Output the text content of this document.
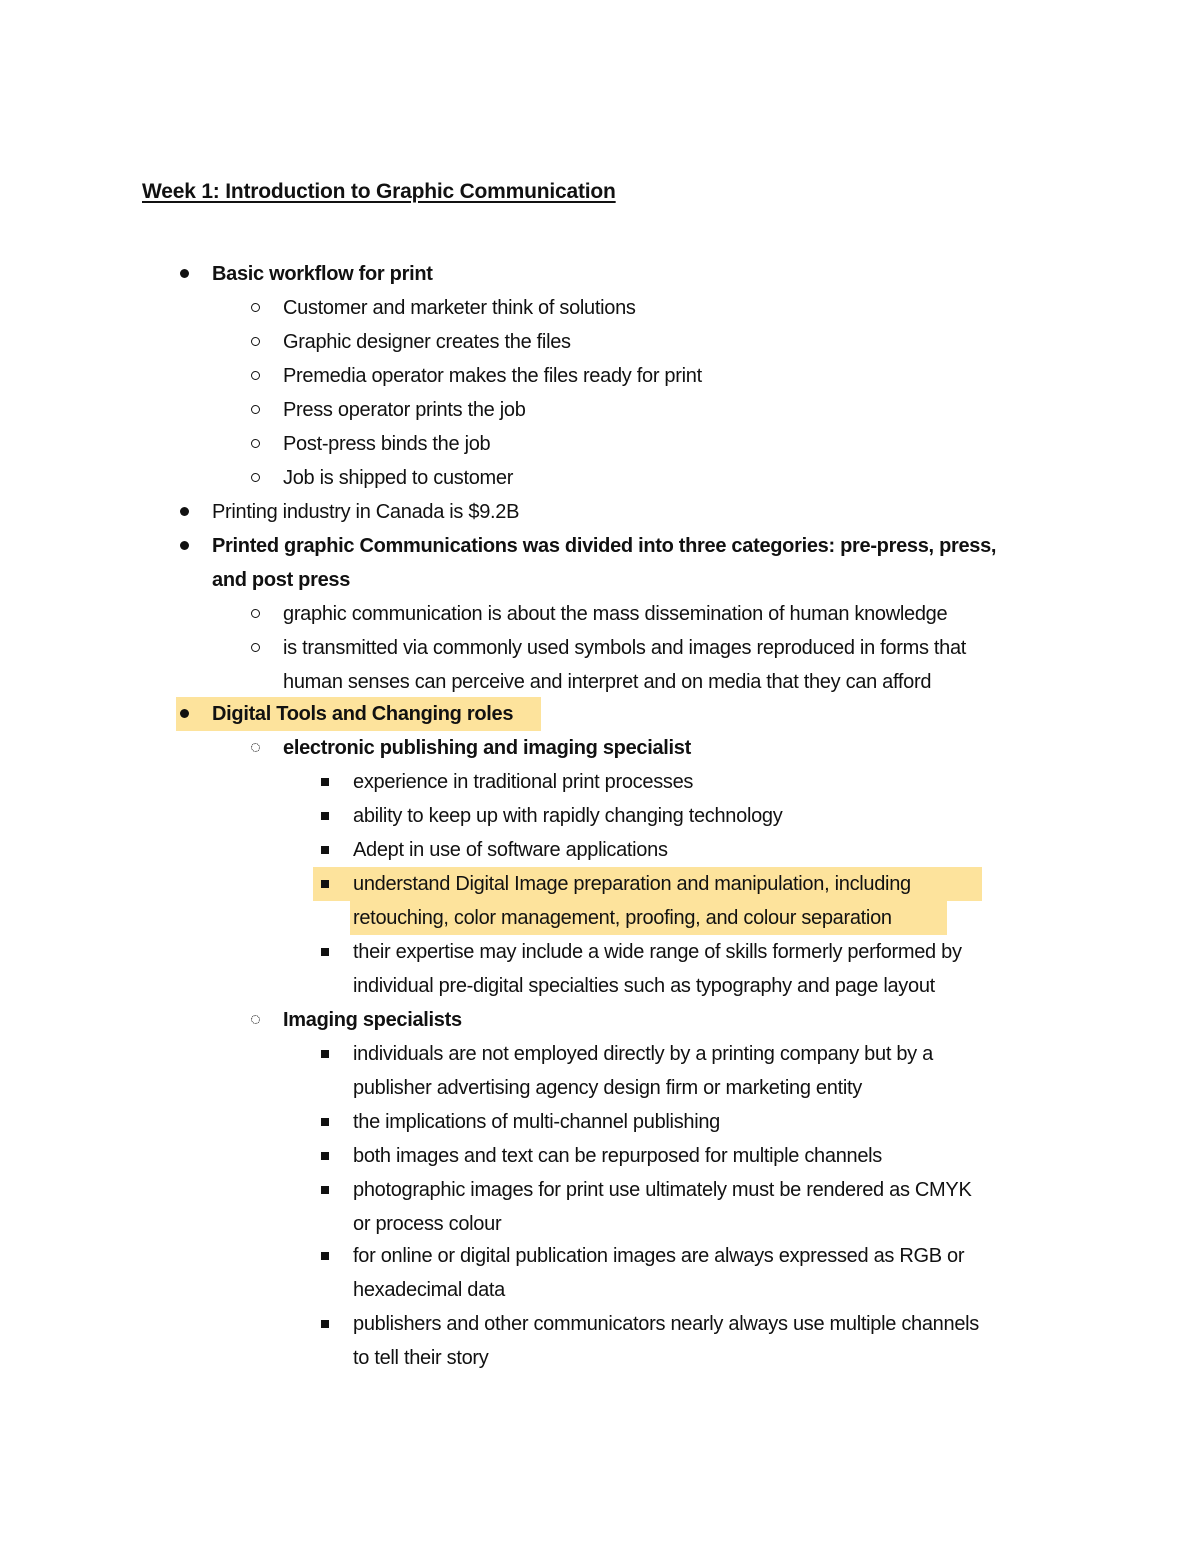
Week 1: Introduction to Graphic Communication
Basic workflow for print
Customer and marketer think of solutions
Graphic designer creates the files
Premedia operator makes the files ready for print
Press operator prints the job
Post-press binds the job
Job is shipped to customer
Printing industry in Canada is $9.2B
Printed graphic Communications was divided into three categories: pre-press, press,
and post press
graphic communication is about the mass dissemination of human knowledge
is transmitted via commonly used symbols and images reproduced in forms that
human senses can perceive and interpret and on media that they can afford
Digital Tools and Changing roles
electronic publishing and imaging specialist
experience in traditional print processes
ability to keep up with rapidly changing technology
Adept in use of software applications
understand Digital Image preparation and manipulation, including
retouching, color management, proofing, and colour separation
their expertise may include a wide range of skills formerly performed by
individual pre-digital specialties such as typography and page layout
Imaging specialists
individuals are not employed directly by a printing company but by a
publisher advertising agency design firm or marketing entity
the implications of multi-channel publishing
both images and text can be repurposed for multiple channels
photographic images for print use ultimately must be rendered as CMYK
or process colour
for online or digital publication images are always expressed as RGB or
hexadecimal data
publishers and other communicators nearly always use multiple channels
to tell their story
